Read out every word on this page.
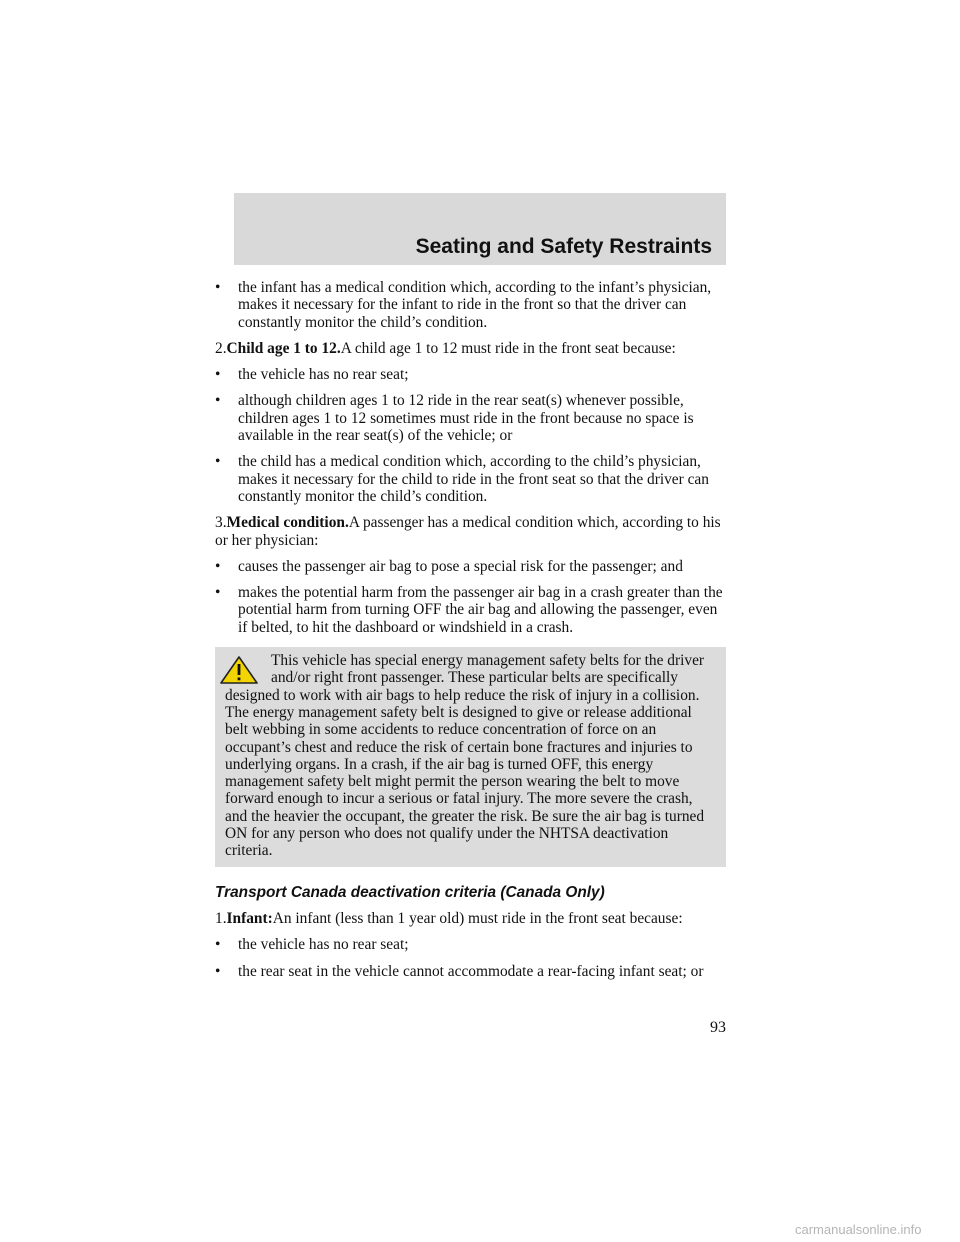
Seating and Safety Restraints
•	the infant has a medical condition which, according to the infant’s physician, makes it necessary for the infant to ride in the front so that the driver can constantly monitor the child’s condition.

2.Child age 1 to 12.A child age 1 to 12 must ride in the front seat because:

•	the vehicle has no rear seat;
•	although children ages 1 to 12 ride in the rear seat(s) whenever possible, children ages 1 to 12 sometimes must ride in the front because no space is available in the rear seat(s) of the vehicle; or
•	the child has a medical condition which, according to the child’s physician, makes it necessary for the child to ride in the front seat so that the driver can constantly monitor the child’s condition.

3.Medical condition.A passenger has a medical condition which, according to his or her physician:

•	causes the passenger air bag to pose a special risk for the passenger; and
•	makes the potential harm from the passenger air bag in a crash greater than the potential harm from turning OFF the air bag and allowing the passenger, even if belted, to hit the dashboard or windshield in a crash.
This vehicle has special energy management safety belts for the driver and/or right front passenger. These particular belts are specifically designed to work with air bags to help reduce the risk of injury in a collision. The energy management safety belt is designed to give or release additional belt webbing in some accidents to reduce concentration of force on an occupant’s chest and reduce the risk of certain bone fractures and injuries to underlying organs. In a crash, if the air bag is turned OFF, this energy management safety belt might permit the person wearing the belt to move forward enough to incur a serious or fatal injury. The more severe the crash, and the heavier the occupant, the greater the risk. Be sure the air bag is turned ON for any person who does not qualify under the NHTSA deactivation criteria.

Transport Canada deactivation criteria (Canada Only)

1.Infant:An infant (less than 1 year old) must ride in the front seat because:

•	the vehicle has no rear seat;
•	the rear seat in the vehicle cannot accommodate a rear-facing infant seat; or
93
carmanualsonline.info
